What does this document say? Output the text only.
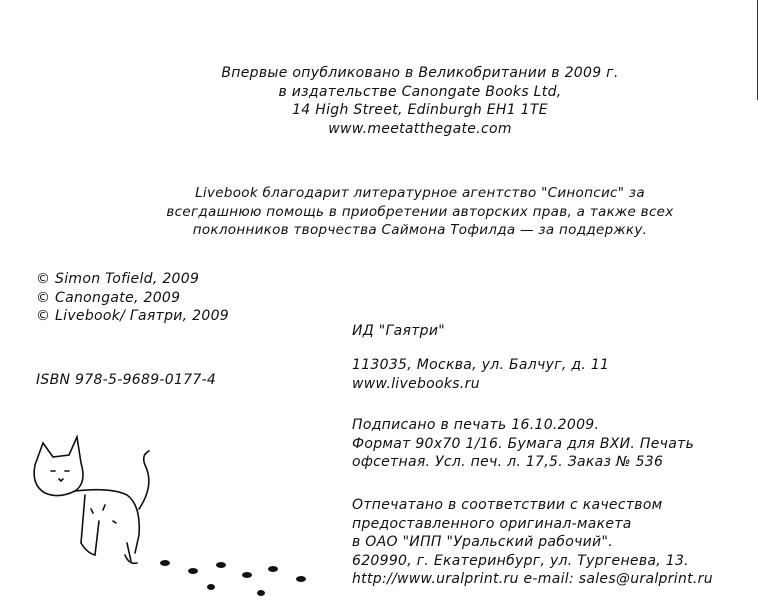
Впервые опубликовано в Великобритании в 2009 г.
в издательстве Canongate Books Ltd,
14 High Street, Edinburgh EH1 1TE
www.meetatthegate.com
Livebook благодарит литературное агентство "Синопсис" за
всегдашнюю помощь в приобретении авторских прав, а также всех
поклонников творчества Саймона Тофилда — за поддержку.
© Simon Tofield, 2009
© Canongate, 2009
© Livebook/ Гаятри, 2009
ISBN 978-5-9689-0177-4
ИД "Гаятри"
113035, Москва, ул. Балчуг, д. 11
www.livebooks.ru
Подписано в печать 16.10.2009.
Формат 90х70 1/16. Бумага для ВХИ. Печать
офсетная. Усл. печ. л. 17,5. Заказ № 536
Отпечатано в соответствии с качеством
предоставленного оригинал-макета
в ОАО "ИПП "Уральский рабочий".
620990, г. Екатеринбург, ул. Тургенева, 13.
http://www.uralprint.ru e-mail: sales@uralprint.ru
